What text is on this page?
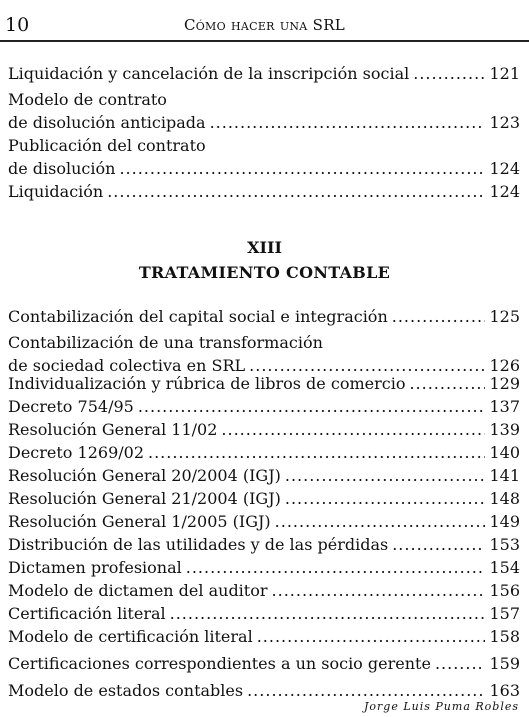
10	Cómo hacer una SRL
Liquidación y cancelación de la inscripción social .....	121
Modelo de contrato
de disolución anticipada .....	123
Publicación del contrato
de disolución .....	124
Liquidación .....	124
XIII
TRATAMIENTO CONTABLE
Contabilización del capital social e integración .....	125
Contabilización de una transformación
de sociedad colectiva en SRL .....	126
Individualización y rúbrica de libros de comercio .....	129
Decreto 754/95 .....	137
Resolución General 11/02 .....	139
Decreto 1269/02 .....	140
Resolución General 20/2004 (IGJ) .....	141
Resolución General 21/2004 (IGJ) .....	148
Resolución General 1/2005 (IGJ) .....	149
Distribución de las utilidades y de las pérdidas .....	153
Dictamen profesional .....	154
Modelo de dictamen del auditor .....	156
Certificación literal .....	157
Modelo de certificación literal .....	158
Certificaciones correspondientes a un socio gerente .....	159
Modelo de estados contables .....	163
Jorge Luis Puma Robles
